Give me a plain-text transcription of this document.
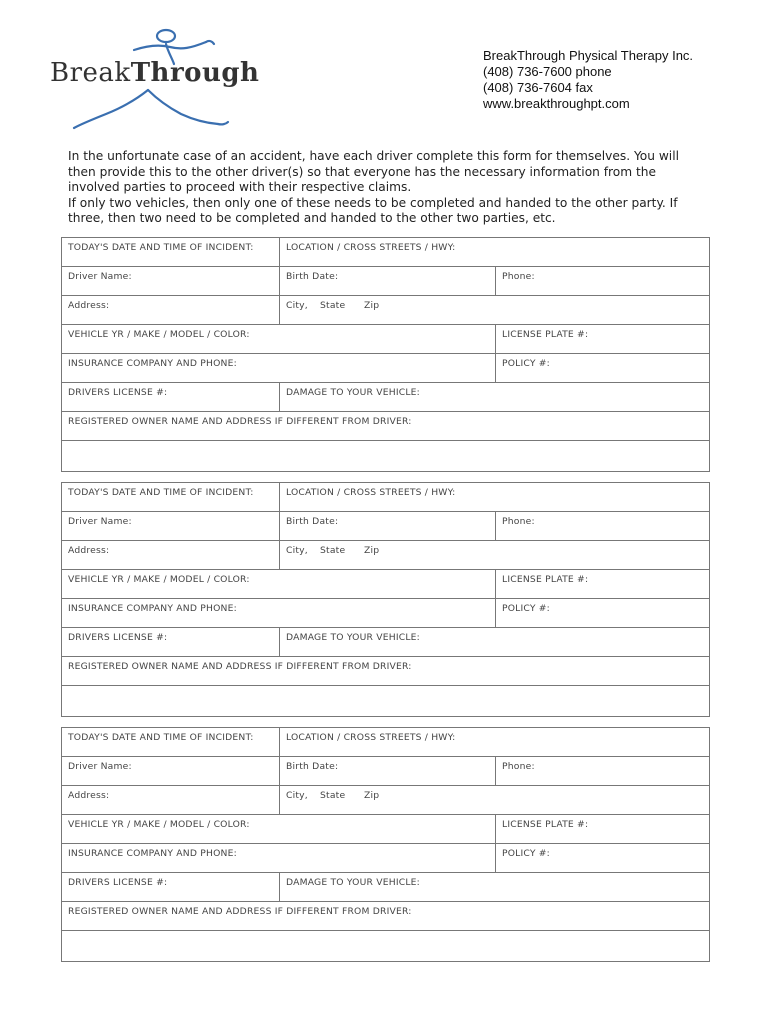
BreakThrough
BreakThrough Physical Therapy Inc.
(408) 736-7600 phone
(408) 736-7604 fax
www.breakthroughpt.com

In the unfortunate case of an accident, have each driver complete this form for themselves. You will then provide this to the other driver(s) so that everyone has the necessary information from the involved parties to proceed with their respective claims.

If only two vehicles, then only one of these needs to be completed and handed to the other party. If three, then two need to be completed and handed to the other two parties, etc.

TODAY'S DATE AND TIME OF INCIDENT:	LOCATION / CROSS STREETS / HWY:
Driver Name:	Birth Date:	Phone:
Address:	City, State Zip
VEHICLE YR / MAKE / MODEL / COLOR:	LICENSE PLATE #:
INSURANCE COMPANY AND PHONE:	POLICY #:
DRIVERS LICENSE #:	DAMAGE TO YOUR VEHICLE:
REGISTERED OWNER NAME AND ADDRESS IF DIFFERENT FROM DRIVER:
TODAY'S DATE AND TIME OF INCIDENT:	LOCATION / CROSS STREETS / HWY:
Driver Name:	Birth Date:	Phone:
Address:	City, State Zip
VEHICLE YR / MAKE / MODEL / COLOR:	LICENSE PLATE #:
INSURANCE COMPANY AND PHONE:	POLICY #:
DRIVERS LICENSE #:	DAMAGE TO YOUR VEHICLE:
REGISTERED OWNER NAME AND ADDRESS IF DIFFERENT FROM DRIVER:
TODAY'S DATE AND TIME OF INCIDENT:	LOCATION / CROSS STREETS / HWY:
Driver Name:	Birth Date:	Phone:
Address:	City, State Zip
VEHICLE YR / MAKE / MODEL / COLOR:	LICENSE PLATE #:
INSURANCE COMPANY AND PHONE:	POLICY #:
DRIVERS LICENSE #:	DAMAGE TO YOUR VEHICLE:
REGISTERED OWNER NAME AND ADDRESS IF DIFFERENT FROM DRIVER:
